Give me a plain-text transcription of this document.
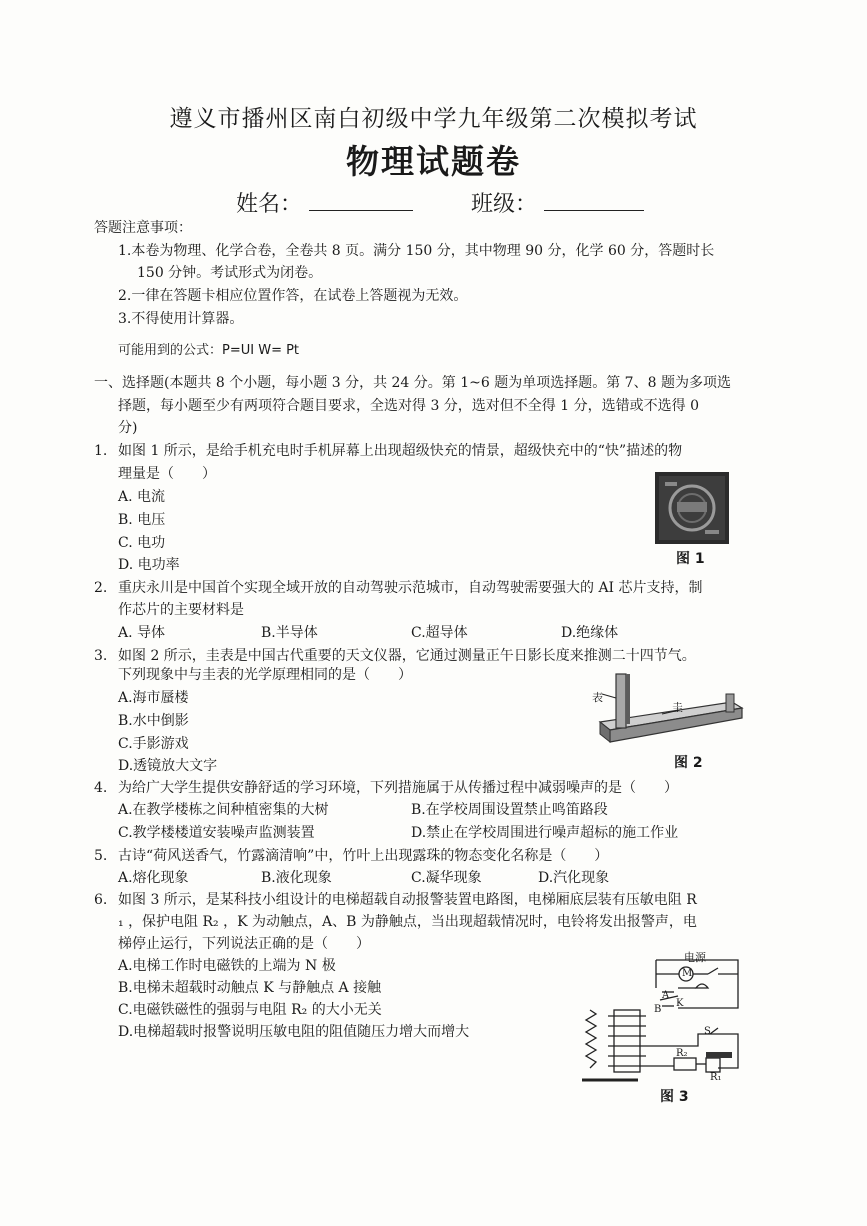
遵义市播州区南白初级中学九年级第二次模拟考试
物理试题卷
姓名：	班级：
答题注意事项：
1.本卷为物理、化学合卷，全卷共 8 页。满分 150 分，其中物理 90 分，化学 60 分，答题时长
150 分钟。考试形式为闭卷。
2.一律在答题卡相应位置作答，在试卷上答题视为无效。
3.不得使用计算器。
可能用到的公式：P=UI W= Pt
一、选择题(本题共 8 个小题，每小题 3 分，共 24 分。第 1~6 题为单项选择题。第 7、8 题为多项选
择题，每小题至少有两项符合题目要求，全选对得 3 分，选对但不全得 1 分，选错或不选得 0
分)
1. 如图 1 所示，是给手机充电时手机屏幕上出现超级快充的情景，超级快充中的“快”描述的物
理量是（　　）
A. 电流
B. 电压
C. 电功
D. 电功率	图 1
2. 重庆永川是中国首个实现全域开放的自动驾驶示范城市，自动驾驶需要强大的 AI 芯片支持，制
作芯片的主要材料是
A. 导体	B.半导体	C.超导体	D.绝缘体
3. 如图 2 所示，圭表是中国古代重要的天文仪器，它通过测量正午日影长度来推测二十四节气。
下列现象中与圭表的光学原理相同的是（　　）
A.海市蜃楼
B.水中倒影
C.手影游戏
D.透镜放大文字
表
圭
图 2
4. 为给广大学生提供安静舒适的学习环境，下列措施属于从传播过程中减弱噪声的是（　　）
A.在教学楼栋之间种植密集的大树	B.在学校周围设置禁止鸣笛路段
C.教学楼楼道安装噪声监测装置	D.禁止在学校周围进行噪声超标的施工作业
5. 古诗“荷风送香气，竹露滴清响”中，竹叶上出现露珠的物态变化名称是（　　）
A.熔化现象	B.液化现象	C.凝华现象	D.汽化现象
6. 如图 3 所示，是某科技小组设计的电梯超载自动报警装置电路图，电梯厢底层装有压敏电阻 R
₁ ，保护电阻 R₂ ，K 为动触点，A、B 为静触点，当出现超载情况时，电铃将发出报警声，电
梯停止运行，下列说法正确的是（　　）
A.电梯工作时电磁铁的上端为 N 极
B.电梯未超载时动触点 K 与静触点 A 接触
C.电磁铁磁性的强弱与电阻 R₂ 的大小无关
D.电梯超载时报警说明压敏电阻的阻值随压力增大而增大
电源
M
A
K
B
S
R₂
R₁
图 3
